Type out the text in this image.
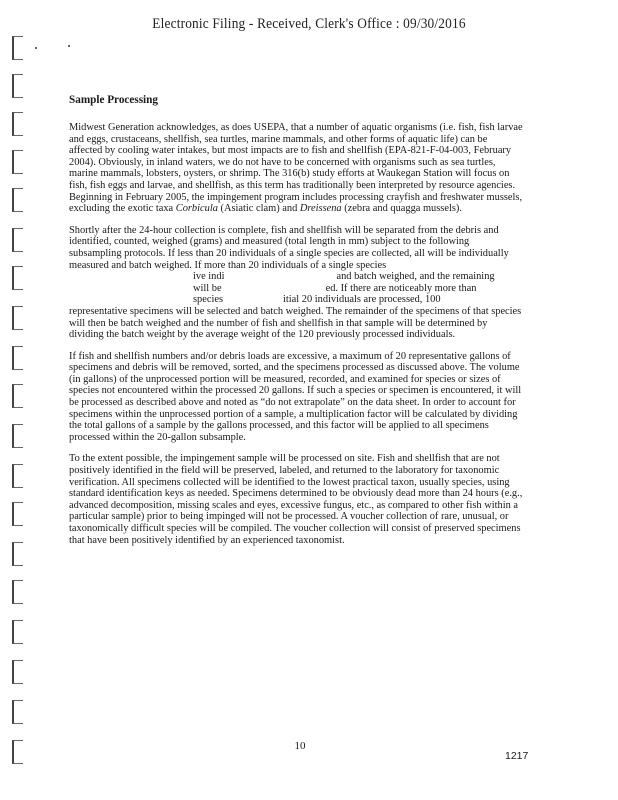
Electronic Filing - Received, Clerk's Office : 09/30/2016
Sample Processing

Midwest Generation acknowledges, as does USEPA, that a number of aquatic organisms (i.e. fish, fish larvae and eggs, crustaceans, shellfish, sea turtles, marine mammals, and other forms of aquatic life) can be affected by cooling water intakes, but most impacts are to fish and shellfish (EPA-821-F-04-003, February 2004). Obviously, in inland waters, we do not have to be concerned with organisms such as sea turtles, marine mammals, lobsters, oysters, or shrimp. The 316(b) study efforts at Waukegan Station will focus on fish, fish eggs and larvae, and shellfish, as this term has traditionally been interpreted by resource agencies. Beginning in February 2005, the impingement program includes processing crayfish and freshwater mussels, excluding the exotic taxa Corbicula (Asiatic clam) and Dreissena (zebra and quagga mussels).

Shortly after the 24-hour collection is complete, fish and shellfish will be separated from the debris and identified, counted, weighed (grams) and measured (total length in mm) subject to the following subsampling protocols. If less than 20 individuals of a single species are collected, all will be individually measured and batch weighed. If more than 20 individuals of a single species
ive indi	and batch weighed, and the remaining
will be	ed. If there are noticeably more than
species	itial 20 individuals are processed, 100
representative specimens will be selected and batch weighed. The remainder of the specimens of that species will then be batch weighed and the number of fish and shellfish in that sample will be determined by dividing the batch weight by the average weight of the 120 previously processed individuals.

If fish and shellfish numbers and/or debris loads are excessive, a maximum of 20 representative gallons of specimens and debris will be removed, sorted, and the specimens processed as discussed above. The volume (in gallons) of the unprocessed portion will be measured, recorded, and examined for species or sizes of species not encountered within the processed 20 gallons. If such a species or specimen is encountered, it will be processed as described above and noted as “do not extrapolate” on the data sheet. In order to account for specimens within the unprocessed portion of a sample, a multiplication factor will be calculated by dividing the total gallons of a sample by the gallons processed, and this factor will be applied to all specimens processed within the 20-gallon subsample.

To the extent possible, the impingement sample will be processed on site. Fish and shellfish that are not positively identified in the field will be preserved, labeled, and returned to the laboratory for taxonomic verification. All specimens collected will be identified to the lowest practical taxon, usually species, using standard identification keys as needed. Specimens determined to be obviously dead more than 24 hours (e.g., advanced decomposition, missing scales and eyes, excessive fungus, etc., as compared to other fish within a particular sample) prior to being impinged will not be processed. A voucher collection of rare, unusual, or taxonomically difficult species will be compiled. The voucher collection will consist of preserved specimens that have been positively identified by an experienced taxonomist.

10
1217
